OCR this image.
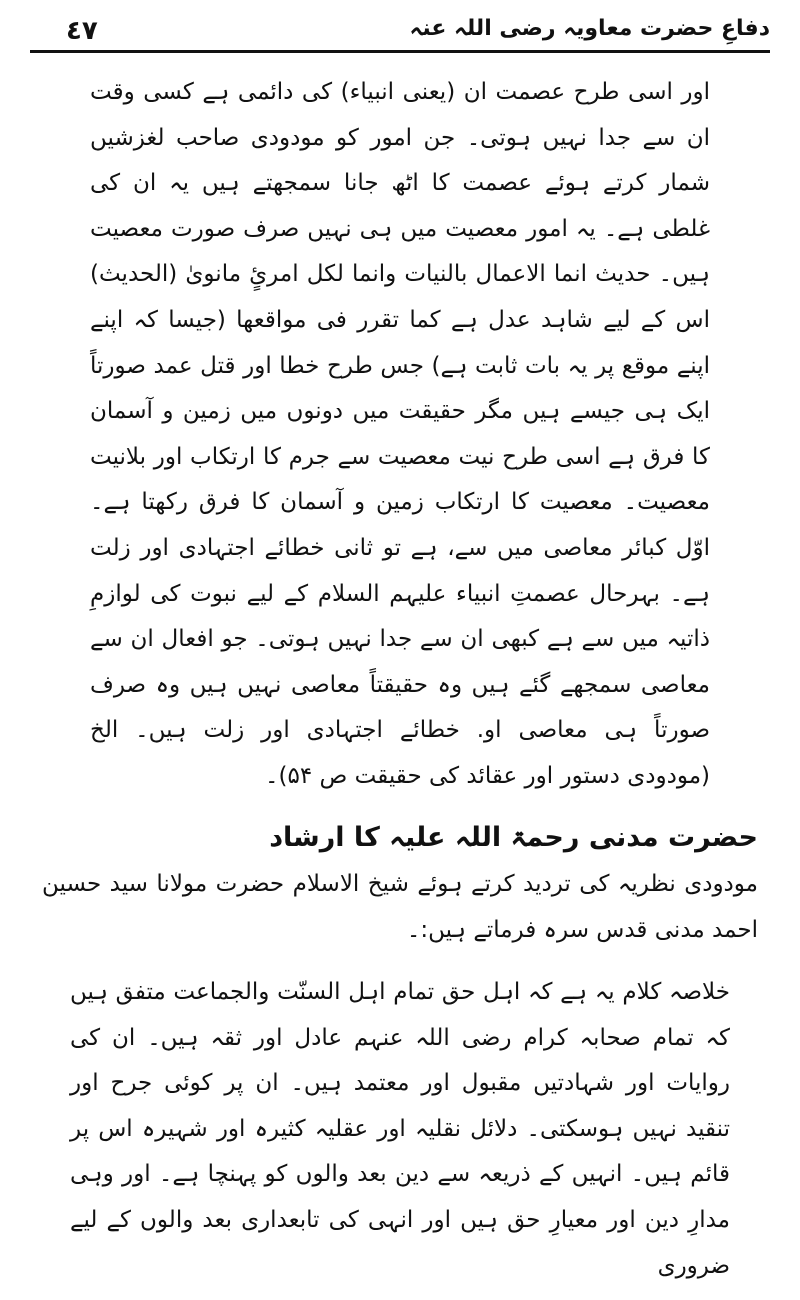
٤٧	دفاعِ حضرت معاویہ رضی اللہ عنہ

اور اسی طرح عصمت ان (یعنی انبیاء) کی دائمی ہے کسی وقت ان سے جدا نہیں ہوتی۔ جن امور کو مودودی صاحب لغزشیں شمار کرتے ہوئے عصمت کا اٹھ جانا سمجھتے ہیں یہ ان کی غلطی ہے۔ یہ امور معصیت میں ہی نہیں صرف صورت معصیت ہیں۔ حدیث انما الاعمال بالنیات وانما لکل امرئٍ مانویٰ (الحدیث) اس کے لیے شاہد عدل ہے کما تقرر فی مواقعھا (جیسا کہ اپنے اپنے موقع پر یہ بات ثابت ہے) جس طرح خطا اور قتل عمد صورتاً ایک ہی جیسے ہیں مگر حقیقت میں دونوں میں زمین و آسمان کا فرق ہے اسی طرح نیت معصیت سے جرم کا ارتکاب اور بلانیت معصیت۔ معصیت کا ارتکاب زمین و آسمان کا فرق رکھتا ہے۔ اوّل کبائر معاصی میں سے، ہے تو ثانی خطائے اجتہادی اور زلت ہے۔ بہرحال عصمتِ انبیاء علیہم السلام کے لیے نبوت کی لوازمِ ذاتیہ میں سے ہے کبھی ان سے جدا نہیں ہوتی۔ جو افعال ان سے معاصی سمجھے گئے ہیں وہ حقیقتاً معاصی نہیں ہیں وہ صرف صورتاً ہی معاصی او. خطائے اجتہادی اور زلت ہیں۔ الخ (مودودی دستور اور عقائد کی حقیقت ص ۵۴)۔

حضرت مدنی رحمۃ اللہ علیہ کا ارشاد

مودودی نظریہ کی تردید کرتے ہوئے شیخ الاسلام حضرت مولانا سید حسین احمد مدنی قدس سرہ فرماتے ہیں:۔

خلاصہ کلام یہ ہے کہ اہل حق تمام اہل السنّت والجماعت متفق ہیں کہ تمام صحابہ کرام رضی اللہ عنہم عادل اور ثقہ ہیں۔ ان کی روایات اور شہادتیں مقبول اور معتمد ہیں۔ ان پر کوئی جرح اور تنقید نہیں ہوسکتی۔ دلائل نقلیہ اور عقلیہ کثیرہ اور شہیرہ اس پر قائم ہیں۔ انہیں کے ذریعہ سے دین بعد والوں کو پہنچا ہے۔ اور وہی مدارِ دین اور معیارِ حق ہیں اور انہی کی تابعداری بعد والوں کے لیے ضروری
